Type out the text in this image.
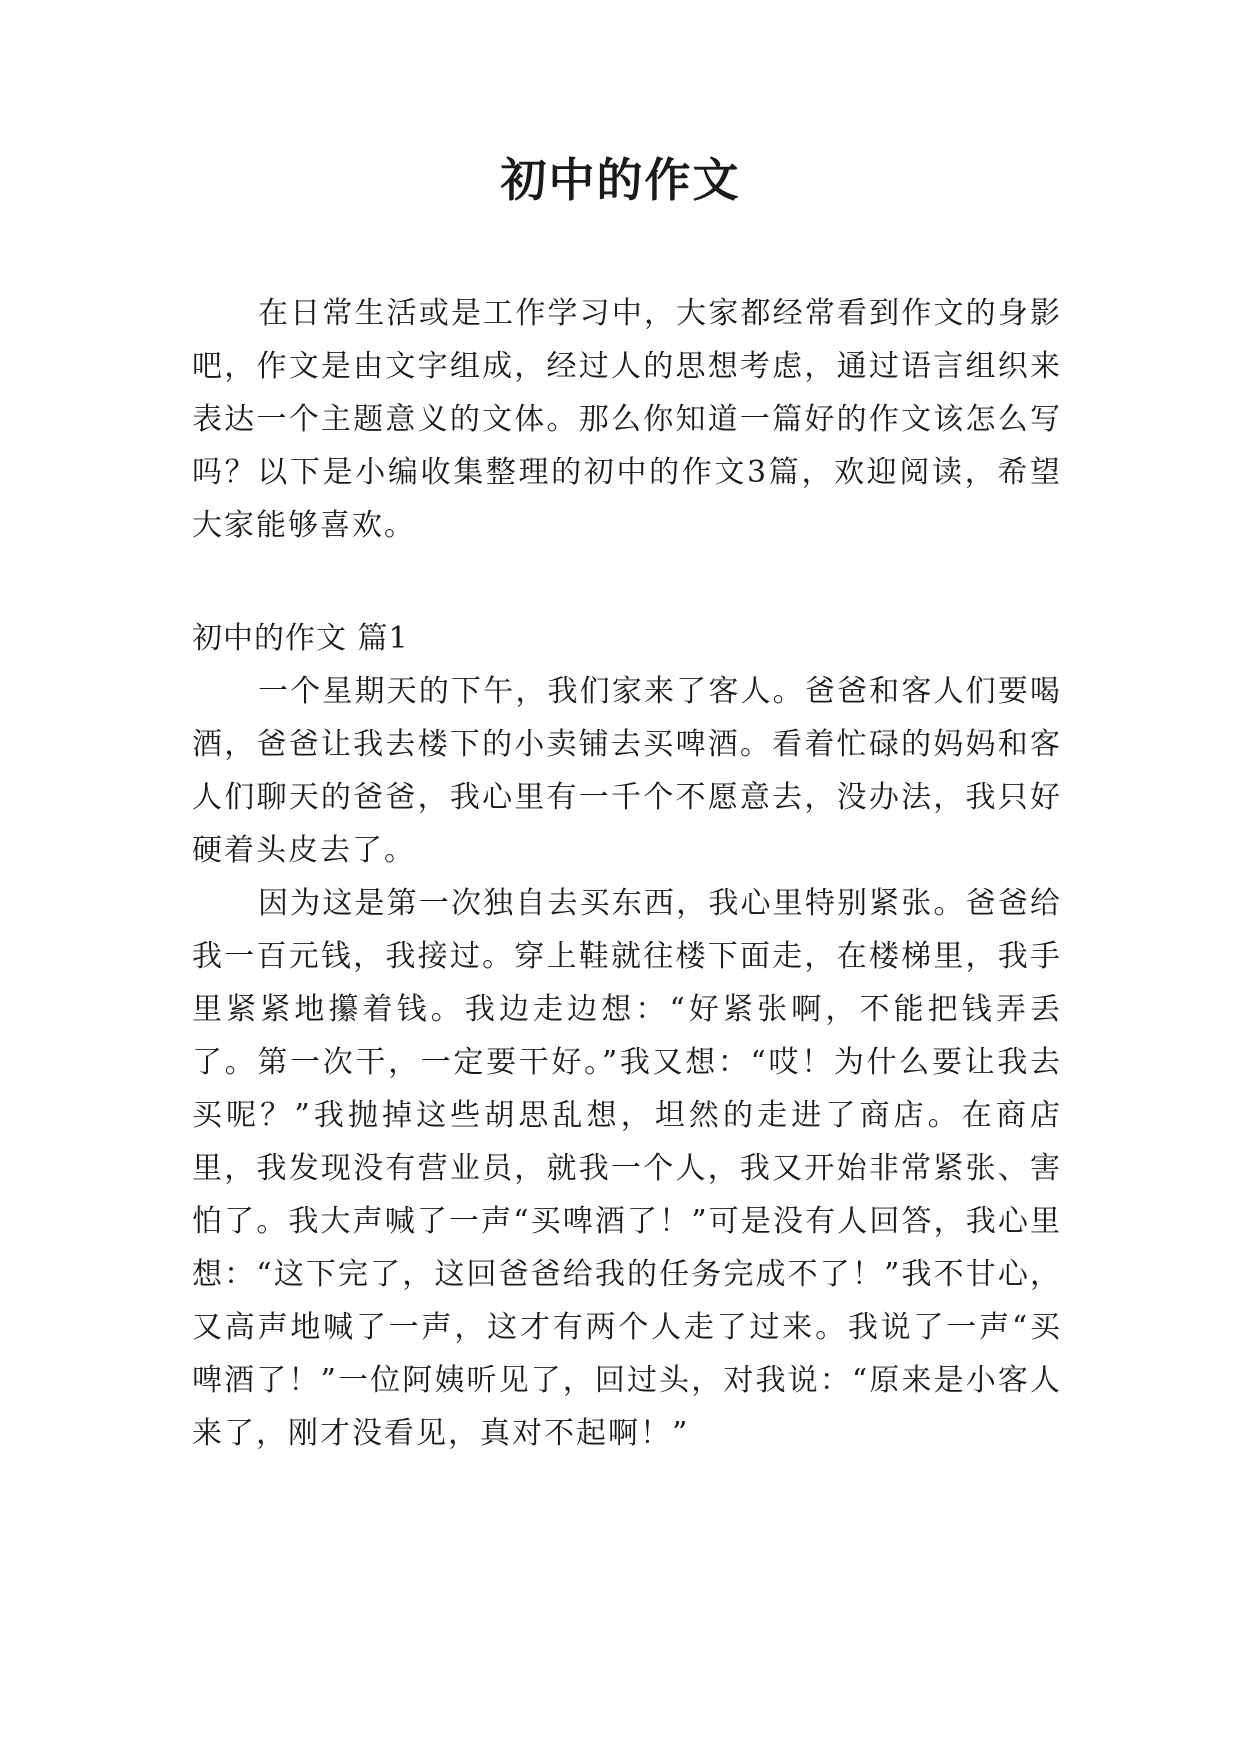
初中的作文

在日常生活或是工作学习中，大家都经常看到作文的身影吧，作文是由文字组成，经过人的思想考虑，通过语言组织来表达一个主题意义的文体。那么你知道一篇好的作文该怎么写吗？以下是小编收集整理的初中的作文3篇，欢迎阅读，希望大家能够喜欢。

初中的作文 篇1

一个星期天的下午，我们家来了客人。爸爸和客人们要喝酒，爸爸让我去楼下的小卖铺去买啤酒。看着忙碌的妈妈和客人们聊天的爸爸，我心里有一千个不愿意去，没办法，我只好硬着头皮去了。

因为这是第一次独自去买东西，我心里特别紧张。爸爸给我一百元钱，我接过。穿上鞋就往楼下面走，在楼梯里，我手里紧紧地攥着钱。我边走边想：“好紧张啊，不能把钱弄丢了。第一次干，一定要干好。”我又想：“哎！为什么要让我去买呢？”我抛掉这些胡思乱想，坦然的走进了商店。在商店里，我发现没有营业员，就我一个人，我又开始非常紧张、害怕了。我大声喊了一声“买啤酒了！”可是没有人回答，我心里想：“这下完了，这回爸爸给我的任务完成不了！”我不甘心，又高声地喊了一声，这才有两个人走了过来。我说了一声“买啤酒了！”一位阿姨听见了，回过头，对我说：“原来是小客人来了，刚才没看见，真对不起啊！”
